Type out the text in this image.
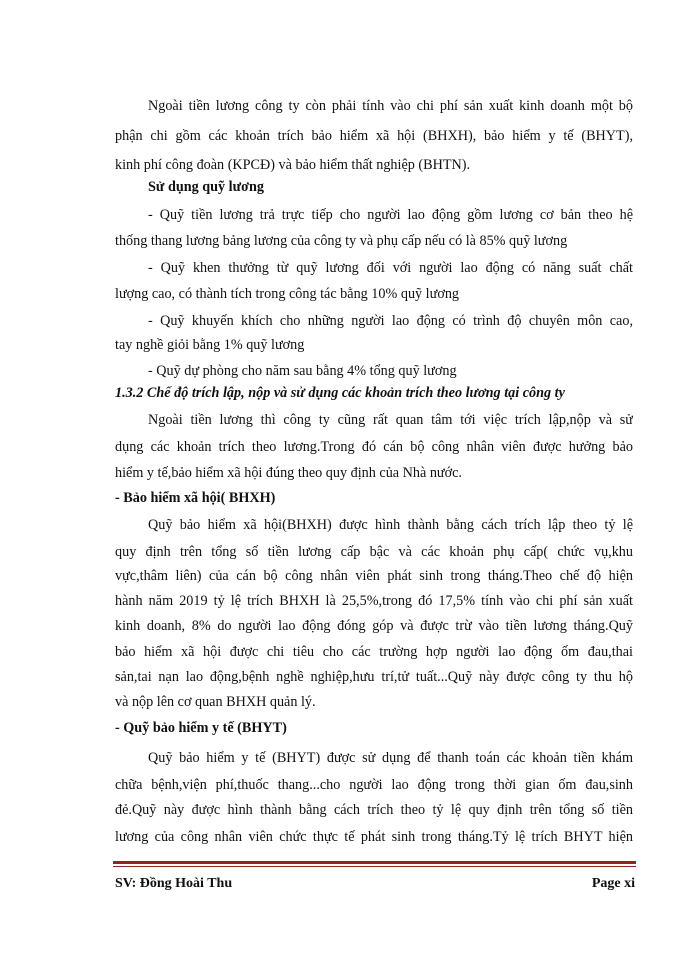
Ngoài tiền lương công ty còn phải tính vào chi phí sản xuất kinh doanh một bộ
phận chi gồm các khoản trích bảo hiểm xã hội (BHXH), bảo hiểm y tế (BHYT),
kinh phí công đoàn (KPCĐ) và bảo hiểm thất nghiệp (BHTN).
Sử dụng quỹ lương
- Quỹ tiền lương trả trực tiếp cho người lao động gồm lương cơ bản theo hệ
thống thang lương bảng lương của công ty và phụ cấp nếu có là 85% quỹ lương
- Quỹ khen thưởng từ quỹ lương đối với người lao động có năng suất chất
lượng cao, có thành tích trong công tác bằng 10% quỹ lương
- Quỹ khuyến khích cho những người lao động có trình độ chuyên môn cao,
tay nghề giỏi bằng 1% quỹ lương
- Quỹ dự phòng cho năm sau bằng 4% tổng quỹ lương
1.3.2 Chế độ trích lập, nộp và sử dụng các khoản trích theo lương tại công ty
Ngoài tiền lương thì công ty cũng rất quan tâm tới việc trích lập,nộp và sử
dụng các khoản trích theo lương.Trong đó cán bộ công nhân viên được hưởng bảo
hiểm y tế,bảo hiểm xã hội đúng theo quy định của Nhà nước.
- Bảo hiểm xã hội( BHXH)
Quỹ bảo hiểm xã hội(BHXH) được hình thành bằng cách trích lập theo tỷ lệ
quy định trên tổng số tiền lương cấp bậc và các khoản phụ cấp( chức vụ,khu
vực,thâm liên) của cán bộ công nhân viên phát sinh trong tháng.Theo chế độ hiện
hành năm 2019 tỷ lệ trích BHXH là 25,5%,trong đó 17,5% tính vào chi phí sản xuất
kinh doanh, 8% do người lao động đóng góp và được trừ vào tiền lương tháng.Quỹ
bảo hiểm xã hội được chi tiêu cho các trường hợp người lao động ốm đau,thai
sản,tai nạn lao động,bệnh nghề nghiệp,hưu trí,tử tuất...Quỹ này được công ty thu hộ
và nộp lên cơ quan BHXH quản lý.
- Quỹ bảo hiểm y tế (BHYT)
Quỹ bảo hiểm y tế (BHYT) được sử dụng để thanh toán các khoản tiền khám
chữa bệnh,viện phí,thuốc thang...cho người lao động trong thời gian ốm đau,sinh
đẻ.Quỹ này được hình thành bằng cách trích theo tỷ lệ quy định trên tổng số tiền
lương của công nhân viên chức thực tế phát sinh trong tháng.Tỷ lệ trích BHYT hiện
SV: Đồng Hoài Thu	Page xi
